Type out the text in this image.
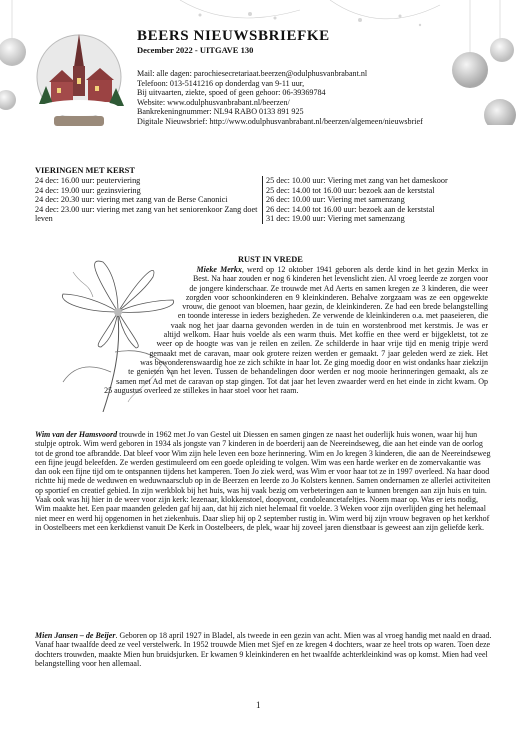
BEERS NIEUWSBRIEFKE
December 2022 - UITGAVE 130
Mail: alle dagen: parochiesecretariaat.beerzen@odulphusvanbrabant.nl
Telefoon: 013-5141216 op donderdag van 9-11 uur,
Bij uitvaarten, ziekte, spoed of geen gehoor: 06-39369784
Website: www.odulphusvanbrabant.nl/beerzen/
Bankrekeningnummer: NL94 RABO 0133 891 925
Digitale Nieuwsbrief: http://www.odulphusvanbrabant.nl/beerzen/algemeen/nieuwsbrief
VIERINGEN MET KERST
24 dec: 16.00 uur: peuterviering
24 dec: 19.00 uur: gezinsviering
24 dec: 20.30 uur: viering met zang van de Berse Canonici
24 dec: 23.00 uur: viering met zang van het seniorenkoor Zang doet leven
25 dec: 10.00 uur: Viering met zang van het dameskoor
25 dec: 14.00 tot 16.00 uur: bezoek aan de kerststal
26 dec: 10.00 uur: Viering met samenzang
26 dec: 14.00 tot 16.00 uur: bezoek aan de kerststal
31 dec: 19.00 uur: Viering met samenzang
RUST IN VREDE
Mieke Merkx, werd op 12 oktober 1941 geboren als derde kind in het gezin Merkx in Best. Na haar zouden er nog 6 kinderen het levenslicht zien. Al vroeg leerde ze zorgen voor de jongere kinderschaar. Ze trouwde met Ad Aerts en samen kregen ze 3 kinderen, die weer zorgden voor schoonkinderen en 9 kleinkinderen. Behalve zorgzaam was ze een opgewekte vrouw, die genoot van bloemen, haar gezin, de kleinkinderen. Ze had een brede belangstelling en toonde interesse in ieders bezigheden. Ze verwende de kleinkinderen o.a. met paaseieren, die vaak nog het jaar daarna gevonden werden in de tuin en worstenbrood met kerstmis. Je was er altijd welkom. Haar huis voelde als een warm thuis. Met koffie en thee werd er bijgekletst, tot ze weer op de hoogte was van je reilen en zeilen. Ze schilderde in haar vrije tijd en menig tripje werd gemaakt met de caravan, maar ook grotere reizen werden er gemaakt. 7 jaar geleden werd ze ziek. Het was bewonderenswaardig hoe ze zich schikte in haar lot. Ze ging moedig door en wist ondanks haar ziekzijn te genieten van het leven. Tussen de behandelingen door werden er nog mooie herinneringen gemaakt, als ze samen met Ad met de caravan op stap gingen. Tot dat jaar het leven zwaarder werd en het einde in zicht kwam. Op 25 augustus overleed ze stillekes in haar stoel voor het raam.
Wim van der Hamsvoord trouwde in 1962 met Jo van Gestel uit Diessen en samen gingen ze naast het ouderlijk huis wonen, waar hij hun stulpje optrok. Wim werd geboren in 1934 als jongste van 7 kinderen in de boerderij aan de Neereindseweg, die aan het einde van de oorlog tot de grond toe afbrandde. Dat bleef voor Wim zijn hele leven een boze herinnering. Wim en Jo kregen 3 kinderen, die aan de Neereindseweg een fijne jeugd beleefden. Ze werden gestimuleerd om een goede opleiding te volgen. Wim was een harde werker en de zomervakantie was dan ook een fijne tijd om te ontspannen tijdens het kamperen. Toen Jo ziek werd, was Wim er voor haar tot ze in 1997 overleed. Na haar dood richtte hij mede de weduwen en weduwnaarsclub op in de Beerzen en leerde zo Jo Kolsters kennen. Samen ondernamen ze allerlei activiteiten op sportief en creatief gebied. In zijn werkblok bij het huis, was hij vaak bezig om verbeteringen aan te kunnen brengen aan zijn huis en tuin. Vaak ook was hij hier in de weer voor zijn kerk: lezenaar, klokkenstoel, doopvont, condoleancetafeltjes. Noem maar op. Was er iets nodig, Wim maakte het. Een paar maanden geleden gaf hij aan, dat hij zich niet helemaal fit voelde. 3 Weken voor zijn overlijden ging het helemaal niet meer en werd hij opgenomen in het ziekenhuis. Daar sliep hij op 2 september rustig in. Wim werd bij zijn vrouw begraven op het kerkhof in Oostelbeers met een kerkdienst vanuit De Kerk in Oostelbeers, de plek, waar hij zoveel jaren dienstbaar is geweest aan zijn geliefde kerk.
Mien Jansen – de Beijer. Geboren op 18 april 1927 in Bladel, als tweede in een gezin van acht. Mien was al vroeg handig met naald en draad. Vanaf haar twaalfde deed ze veel verstelwerk. In 1952 trouwde Mien met Sjef en ze kregen 4 dochters, waar ze heel trots op waren. Toen deze dochters trouwden, maakte Mien hun bruidsjurken. Er kwamen 9 kleinkinderen en het twaalfde achterkleinkind was op komst. Mien had veel belangstelling voor hen allemaal.
1
